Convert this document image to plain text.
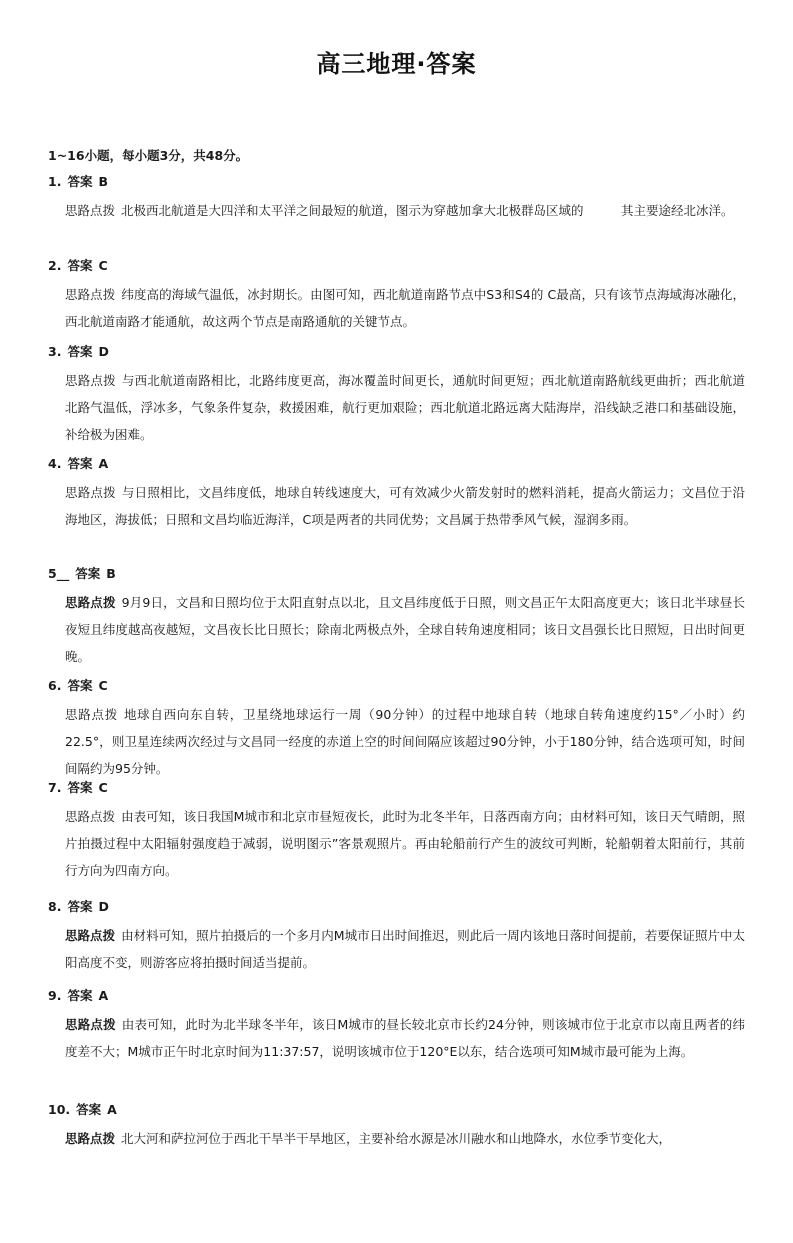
高三地理·答案
1~16小题，每小题3分，共48分。
1. 答案 B
思路点拨 北极西北航道是大四洋和太平洋之间最短的航道，图示为穿越加拿大北极群岛区域的　　　其主要途经北冰洋。
2. 答案 C
思路点拨 纬度高的海域气温低，冰封期长。由图可知，西北航道南路节点中S3和S4的 C最高，只有该节点海域海冰融化，西北航道南路才能通航，故这两个节点是南路通航的关键节点。
3. 答案 D
思路点拨 与西北航道南路相比，北路纬度更高，海冰覆盖时间更长，通航时间更短；西北航道南路航线更曲折；西北航道北路气温低，浮冰多，气象条件复杂，救援困难，航行更加艰险；西北航道北路远离大陆海岸，沿线缺乏港口和基础设施，补给极为困难。
4. 答案 A
思路点拨 与日照相比，文昌纬度低，地球自转线速度大，可有效减少火箭发射时的燃料消耗，提高火箭运力；文昌位于沿海地区，海拔低；日照和文昌均临近海洋，C项是两者的共同优势；文昌属于热带季风气候，湿润多雨。
5__ 答案 B
思路点拨 9月9日，文昌和日照均位于太阳直射点以北，且文昌纬度低于日照，则文昌正午太阳高度更大；该日北半球昼长夜短且纬度越高夜越短，文昌夜长比日照长；除南北两极点外，全球自转角速度相同；该日文昌强长比日照短，日出时间更晚。
6. 答案 C
思路点拨 地球自西向东自转，卫星绕地球运行一周（90分钟）的过程中地球自转（地球自转角速度约15°／小时）约22.5°，则卫星连续两次经过与文昌同一经度的赤道上空的时间间隔应该超过90分钟，小于180分钟，结合选项可知，时间间隔约为95分钟。
7. 答案 C
思路点拨 由表可知，该日我国M城市和北京市昼短夜长，此时为北冬半年，日落西南方向；由材料可知，该日天气晴朗，照片拍摄过程中太阳辐射强度趋于减弱，说明图示”客景观照片。再由轮船前行产生的波纹可判断，轮船朝着太阳前行，其前行方向为四南方向。
8. 答案 D
思路点拨 由材料可知，照片拍摄后的一个多月内M城市日出时间推迟，则此后一周内该地日落时间提前，若要保证照片中太阳高度不变，则游客应将拍摄时间适当提前。
9. 答案 A
思路点拨 由表可知，此时为北半球冬半年，该日M城市的昼长较北京市长约24分钟，则该城市位于北京市以南且两者的纬度差不大；M城市正午时北京时间为11:37:57，说明该城市位于120°E以东，结合选项可知M城市最可能为上海。
10. 答案 A
思路点拨 北大河和萨拉河位于西北干旱半干旱地区，主要补给水源是冰川融水和山地降水，水位季节变化大，
